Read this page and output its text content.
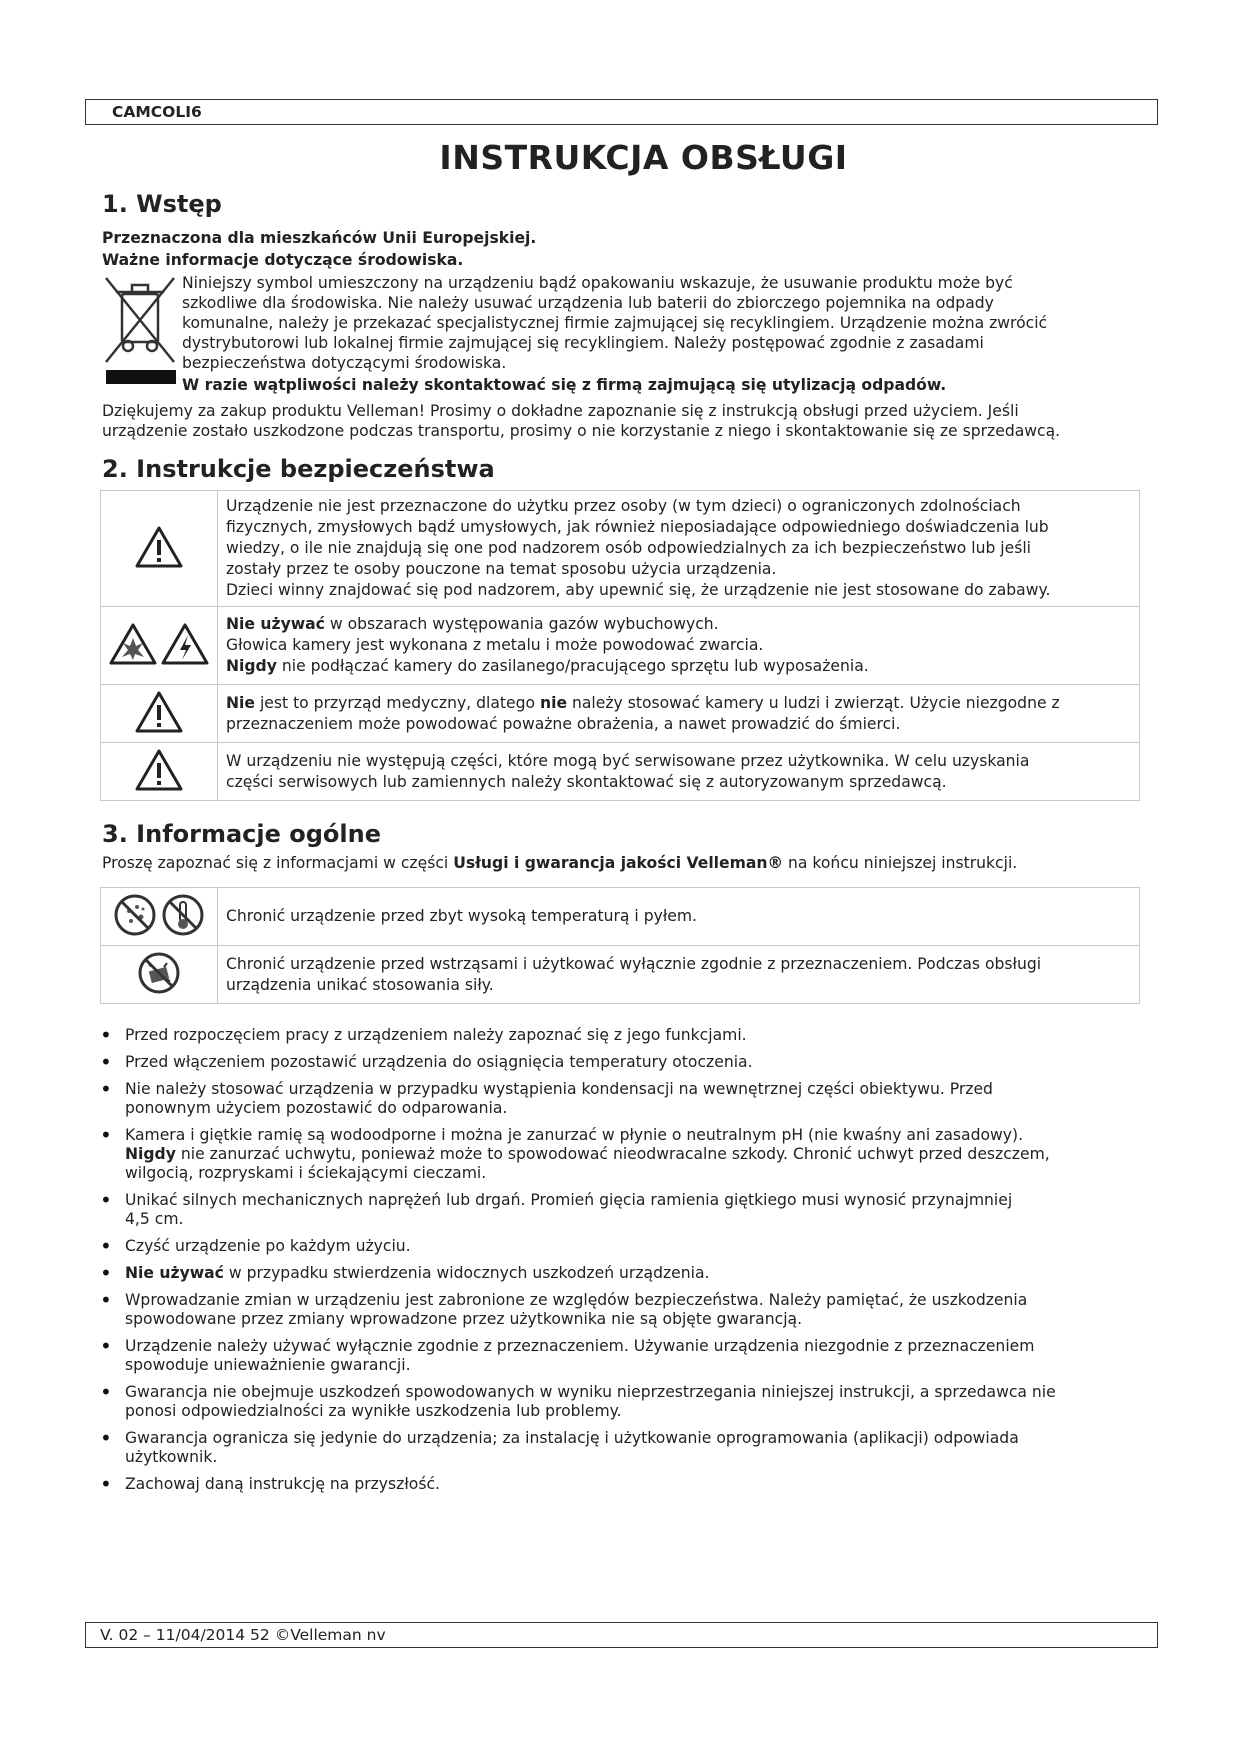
CAMCOLI6
INSTRUKCJA OBSŁUGI
1. Wstęp

Przeznaczona dla mieszkańców Unii Europejskiej.

Ważne informacje dotyczące środowiska.

Niniejszy symbol umieszczony na urządzeniu bądź opakowaniu wskazuje, że usuwanie produktu może być

szkodliwe dla środowiska. Nie należy usuwać urządzenia lub baterii do zbiorczego pojemnika na odpady

komunalne, należy je przekazać specjalistycznej firmie zajmującej się recyklingiem. Urządzenie można zwrócić

dystrybutorowi lub lokalnej firmie zajmującej się recyklingiem. Należy postępować zgodnie z zasadami

bezpieczeństwa dotyczącymi środowiska.

W razie wątpliwości należy skontaktować się z firmą zajmującą się utylizacją odpadów.

Dziękujemy za zakup produktu Velleman! Prosimy o dokładne zapoznanie się z instrukcją obsługi przed użyciem. Jeśli

urządzenie zostało uszkodzone podczas transportu, prosimy o nie korzystanie z niego i skontaktowanie się ze sprzedawcą.

2. Instrukcje bezpieczeństwa

Urządzenie nie jest przeznaczone do użytku przez osoby (w tym dzieci) o ograniczonych zdolnościach

fizycznych, zmysłowych bądź umysłowych, jak również nieposiadające odpowiedniego doświadczenia lub

wiedzy, o ile nie znajdują się one pod nadzorem osób odpowiedzialnych za ich bezpieczeństwo lub jeśli

zostały przez te osoby pouczone na temat sposobu użycia urządzenia.

Dzieci winny znajdować się pod nadzorem, aby upewnić się, że urządzenie nie jest stosowane do zabawy.

Nie używać w obszarach występowania gazów wybuchowych.

Głowica kamery jest wykonana z metalu i może powodować zwarcia.

Nigdy nie podłączać kamery do zasilanego/pracującego sprzętu lub wyposażenia.

Nie jest to przyrząd medyczny, dlatego nie należy stosować kamery u ludzi i zwierząt. Użycie niezgodne z

przeznaczeniem może powodować poważne obrażenia, a nawet prowadzić do śmierci.

W urządzeniu nie występują części, które mogą być serwisowane przez użytkownika. W celu uzyskania

części serwisowych lub zamiennych należy skontaktować się z autoryzowanym sprzedawcą.

3. Informacje ogólne

Proszę zapoznać się z informacjami w części Usługi i gwarancja jakości Velleman® na końcu niniejszej instrukcji.

Chronić urządzenie przed zbyt wysoką temperaturą i pyłem.

Chronić urządzenie przed wstrząsami i użytkować wyłącznie zgodnie z przeznaczeniem. Podczas obsługi

urządzenia unikać stosowania siły.

• Przed rozpoczęciem pracy z urządzeniem należy zapoznać się z jego funkcjami.
• Przed włączeniem pozostawić urządzenia do osiągnięcia temperatury otoczenia.
• Nie należy stosować urządzenia w przypadku wystąpienia kondensacji na wewnętrznej części obiektywu. Przed
ponownym użyciem pozostawić do odparowania.
• Kamera i giętkie ramię są wodoodporne i można je zanurzać w płynie o neutralnym pH (nie kwaśny ani zasadowy).
Nigdy nie zanurzać uchwytu, ponieważ może to spowodować nieodwracalne szkody. Chronić uchwyt przed deszczem,
wilgocią, rozpryskami i ściekającymi cieczami.
• Unikać silnych mechanicznych naprężeń lub drgań. Promień gięcia ramienia giętkiego musi wynosić przynajmniej
4,5 cm.
• Czyść urządzenie po każdym użyciu.
• Nie używać w przypadku stwierdzenia widocznych uszkodzeń urządzenia.
• Wprowadzanie zmian w urządzeniu jest zabronione ze względów bezpieczeństwa. Należy pamiętać, że uszkodzenia
spowodowane przez zmiany wprowadzone przez użytkownika nie są objęte gwarancją.
• Urządzenie należy używać wyłącznie zgodnie z przeznaczeniem. Używanie urządzenia niezgodnie z przeznaczeniem
spowoduje unieważnienie gwarancji.
• Gwarancja nie obejmuje uszkodzeń spowodowanych w wyniku nieprzestrzegania niniejszej instrukcji, a sprzedawca nie
ponosi odpowiedzialności za wynikłe uszkodzenia lub problemy.
• Gwarancja ogranicza się jedynie do urządzenia; za instalację i użytkowanie oprogramowania (aplikacji) odpowiada
użytkownik.
• Zachowaj daną instrukcję na przyszłość.
V. 02 – 11/04/2014 52 ©Velleman nv
